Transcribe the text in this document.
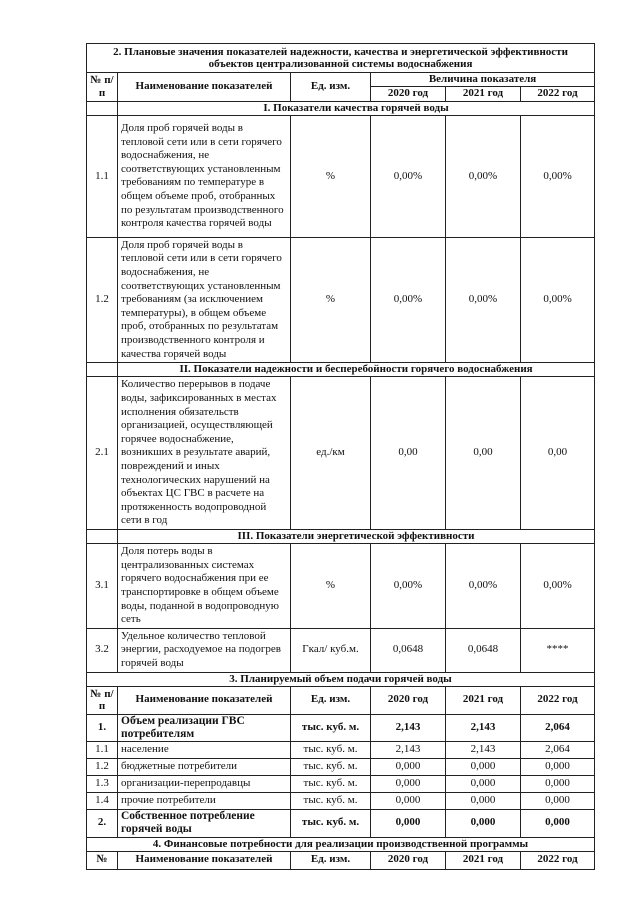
2. Плановые значения показателей надежности, качества и энергетической эффективности объектов централизованной системы водоснабжения					
№ п/п	Наименование показателей	Ед. изм.	Величина показателя		
			2020 год	2021 год	2022 год
	I. Показатели качества горячей воды				
1.1	Доля проб горячей воды в тепловой сети или в сети горячего водоснабжения, не соответствующих установленным требованиям по температуре в общем объеме проб, отобранных по результатам производственного контроля качества горячей воды	%	0,00%	0,00%	0,00%
1.2	Доля проб горячей воды в тепловой сети или в сети горячего водоснабжения, не соответствующих установленным требованиям (за исключением температуры), в общем объеме проб, отобранных по результатам производственного контроля и качества горячей воды	%	0,00%	0,00%	0,00%
	II. Показатели надежности и бесперебойности горячего водоснабжения				
2.1	Количество перерывов в подаче воды, зафиксированных в местах исполнения обязательств организацией, осуществляющей горячее водоснабжение, возникших в результате аварий, повреждений и иных технологических нарушений на объектах ЦС ГВС в расчете на протяженность водопроводной сети в год	ед./км	0,00	0,00	0,00
	III. Показатели энергетической эффективности				
3.1	Доля потерь воды в централизованных системах горячего водоснабжения при ее транспортировке в общем объеме воды, поданной в водопроводную сеть	%	0,00%	0,00%	0,00%
3.2	Удельное количество тепловой энергии, расходуемое на подогрев горячей воды	Гкал/ куб.м.	0,0648	0,0648	****
3. Планируемый объем подачи горячей воды					
№ п/п	Наименование показателей	Ед. изм.	2020 год	2021 год	2022 год
1.	Объем реализации ГВС потребителям	тыс. куб. м.	2,143	2,143	2,064
1.1	население	тыс. куб. м.	2,143	2,143	2,064
1.2	бюджетные потребители	тыс. куб. м.	0,000	0,000	0,000
1.3	организации-перепродавцы	тыс. куб. м.	0,000	0,000	0,000
1.4	прочие потребители	тыс. куб. м.	0,000	0,000	0,000
2.	Собственное потребление горячей воды	тыс. куб. м.	0,000	0,000	0,000
4. Финансовые потребности для реализации производственной программы					
№	Наименование показателей	Ед. изм.	2020 год	2021 год	2022 год
